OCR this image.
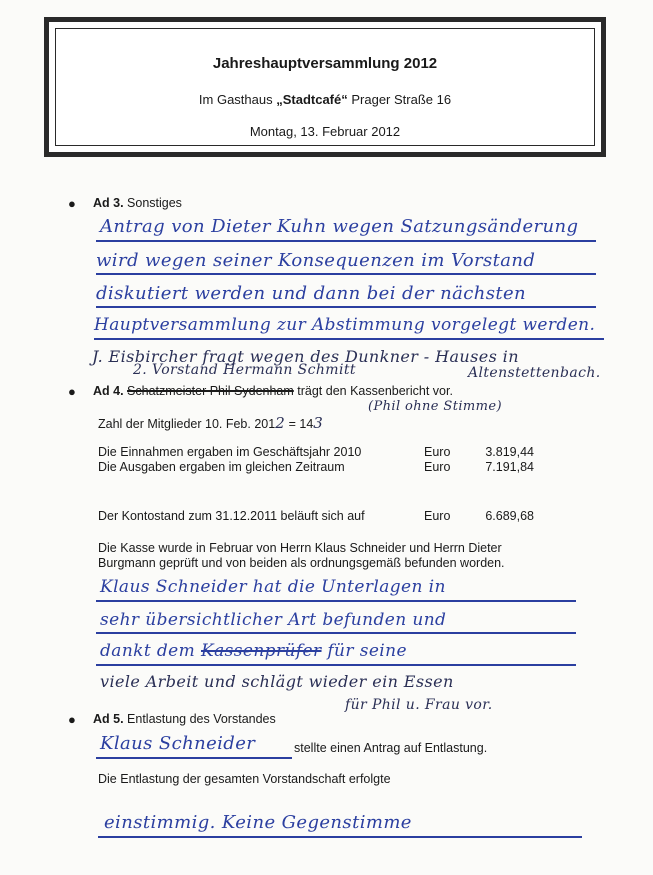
Jahreshauptversammlung 2012
Im Gasthaus „Stadtcafé“ Prager Straße 16
Montag, 13. Februar 2012
● Ad 3. Sonstiges
Antrag von Dieter Kuhn wegen Satzungsänderung
wird wegen seiner Konsequenzen im Vorstand
diskutiert werden und dann bei der nächsten
Hauptversammlung zur Abstimmung vorgelegt werden.
J. Eisbircher fragt wegen des Dunkner - Hauses in
Altenstettenbach.
2. Vorstand Hermann Schmitt
● Ad 4. Schatzmeister Phil Sydenham trägt den Kassenbericht vor.
(Phil ohne Stimme)
Zahl der Mitglieder 10. Feb. 2012 = 143
Die Einnahmen ergaben im Geschäftsjahr 2010	Euro	3.819,44
Die Ausgaben ergaben im gleichen Zeitraum	Euro	7.191,84
Der Kontostand zum 31.12.2011 beläuft sich auf	Euro	6.689,68
Die Kasse wurde in Februar von Herrn Klaus Schneider und Herrn Dieter
Burgmann geprüft und von beiden als ordnungsgemäß befunden worden.
Klaus Schneider hat die Unterlagen in
sehr übersichtlicher Art befunden und
dankt dem Kassenprüfer für seine
viele Arbeit und schlägt wieder ein Essen
für Phil u. Frau vor.
● Ad 5. Entlastung des Vorstandes
Klaus Schneider	stellte einen Antrag auf Entlastung.
Die Entlastung der gesamten Vorstandschaft erfolgte
einstimmig. Keine Gegenstimme
